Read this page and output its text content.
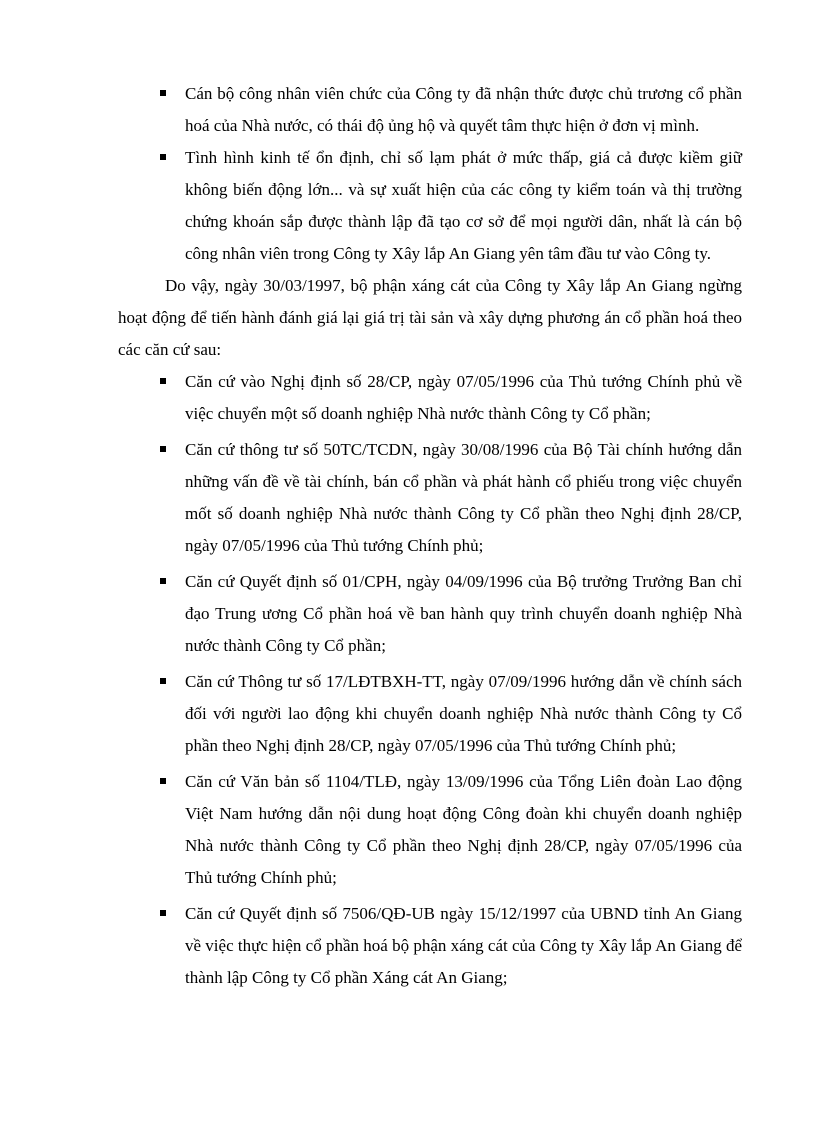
Cán bộ công nhân viên chức của Công ty đã nhận thức được chủ trương cổ phần hoá của Nhà nước, có thái độ ủng hộ và quyết tâm thực hiện ở đơn vị mình.
Tình hình kinh tế ổn định, chỉ số lạm phát ở mức thấp, giá cả được kiềm giữ không biến động lớn... và sự xuất hiện của các công ty kiểm toán và thị trường chứng khoán sắp được thành lập đã tạo cơ sở để mọi người dân, nhất là cán bộ công nhân viên trong Công ty Xây lắp An Giang yên tâm đầu tư vào Công ty.

Do vậy, ngày 30/03/1997, bộ phận xáng cát của Công ty Xây lắp An Giang ngừng hoạt động để tiến hành đánh giá lại giá trị tài sản và xây dựng phương án cổ phần hoá theo các căn cứ sau:

Căn cứ vào Nghị định số 28/CP, ngày 07/05/1996 của Thủ tướng Chính phủ về việc chuyển một số doanh nghiệp Nhà nước thành Công ty Cổ phần;
Căn cứ thông tư số 50TC/TCDN, ngày 30/08/1996 của Bộ Tài chính hướng dẫn những vấn đề về tài chính, bán cổ phần và phát hành cổ phiếu trong việc chuyển mốt số doanh nghiệp Nhà nước thành Công ty Cổ phần theo Nghị định 28/CP, ngày 07/05/1996 của Thủ tướng Chính phủ;
Căn cứ Quyết định số 01/CPH, ngày 04/09/1996 của Bộ trưởng Trưởng Ban chỉ đạo Trung ương Cổ phần hoá về ban hành quy trình chuyển doanh nghiệp Nhà nước thành Công ty Cổ phần;
Căn cứ Thông tư số 17/LĐTBXH-TT, ngày 07/09/1996 hướng dẫn về chính sách đối với người lao động khi chuyển doanh nghiệp Nhà nước thành Công ty Cổ phần theo Nghị định 28/CP, ngày 07/05/1996 của Thủ tướng Chính phủ;
Căn cứ Văn bản số 1104/TLĐ, ngày 13/09/1996 của Tổng Liên đoàn Lao động Việt Nam hướng dẫn nội dung hoạt động Công đoàn khi chuyển doanh nghiệp Nhà nước thành Công ty Cổ phần theo Nghị định 28/CP, ngày 07/05/1996 của Thủ tướng Chính phủ;
Căn cứ Quyết định số 7506/QĐ-UB ngày 15/12/1997 của UBND tỉnh An Giang về việc thực hiện cổ phần hoá bộ phận xáng cát của Công ty Xây lắp An Giang để thành lập Công ty Cổ phần Xáng cát An Giang;
